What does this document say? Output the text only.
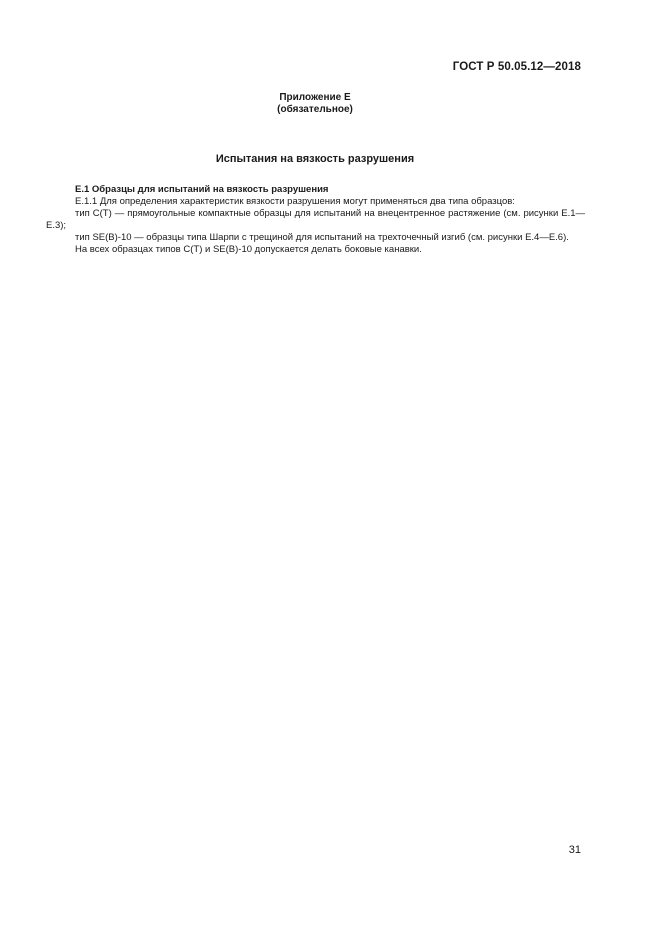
ГОСТ Р 50.05.12—2018
Приложение Е
(обязательное)
Испытания на вязкость разрушения
Е.1 Образцы для испытаний на вязкость разрушения

Е.1.1 Для определения характеристик вязкости разрушения могут применяться два типа образцов:

тип C(T) — прямоугольные компактные образцы для испытаний на внецентренное растяжение (см. рисунки Е.1—Е.3);

тип SE(B)-10 — образцы типа Шарпи с трещиной для испытаний на трехточечный изгиб (см. рисунки Е.4—Е.6).

На всех образцах типов C(T) и SE(B)-10 допускается делать боковые канавки.

31
